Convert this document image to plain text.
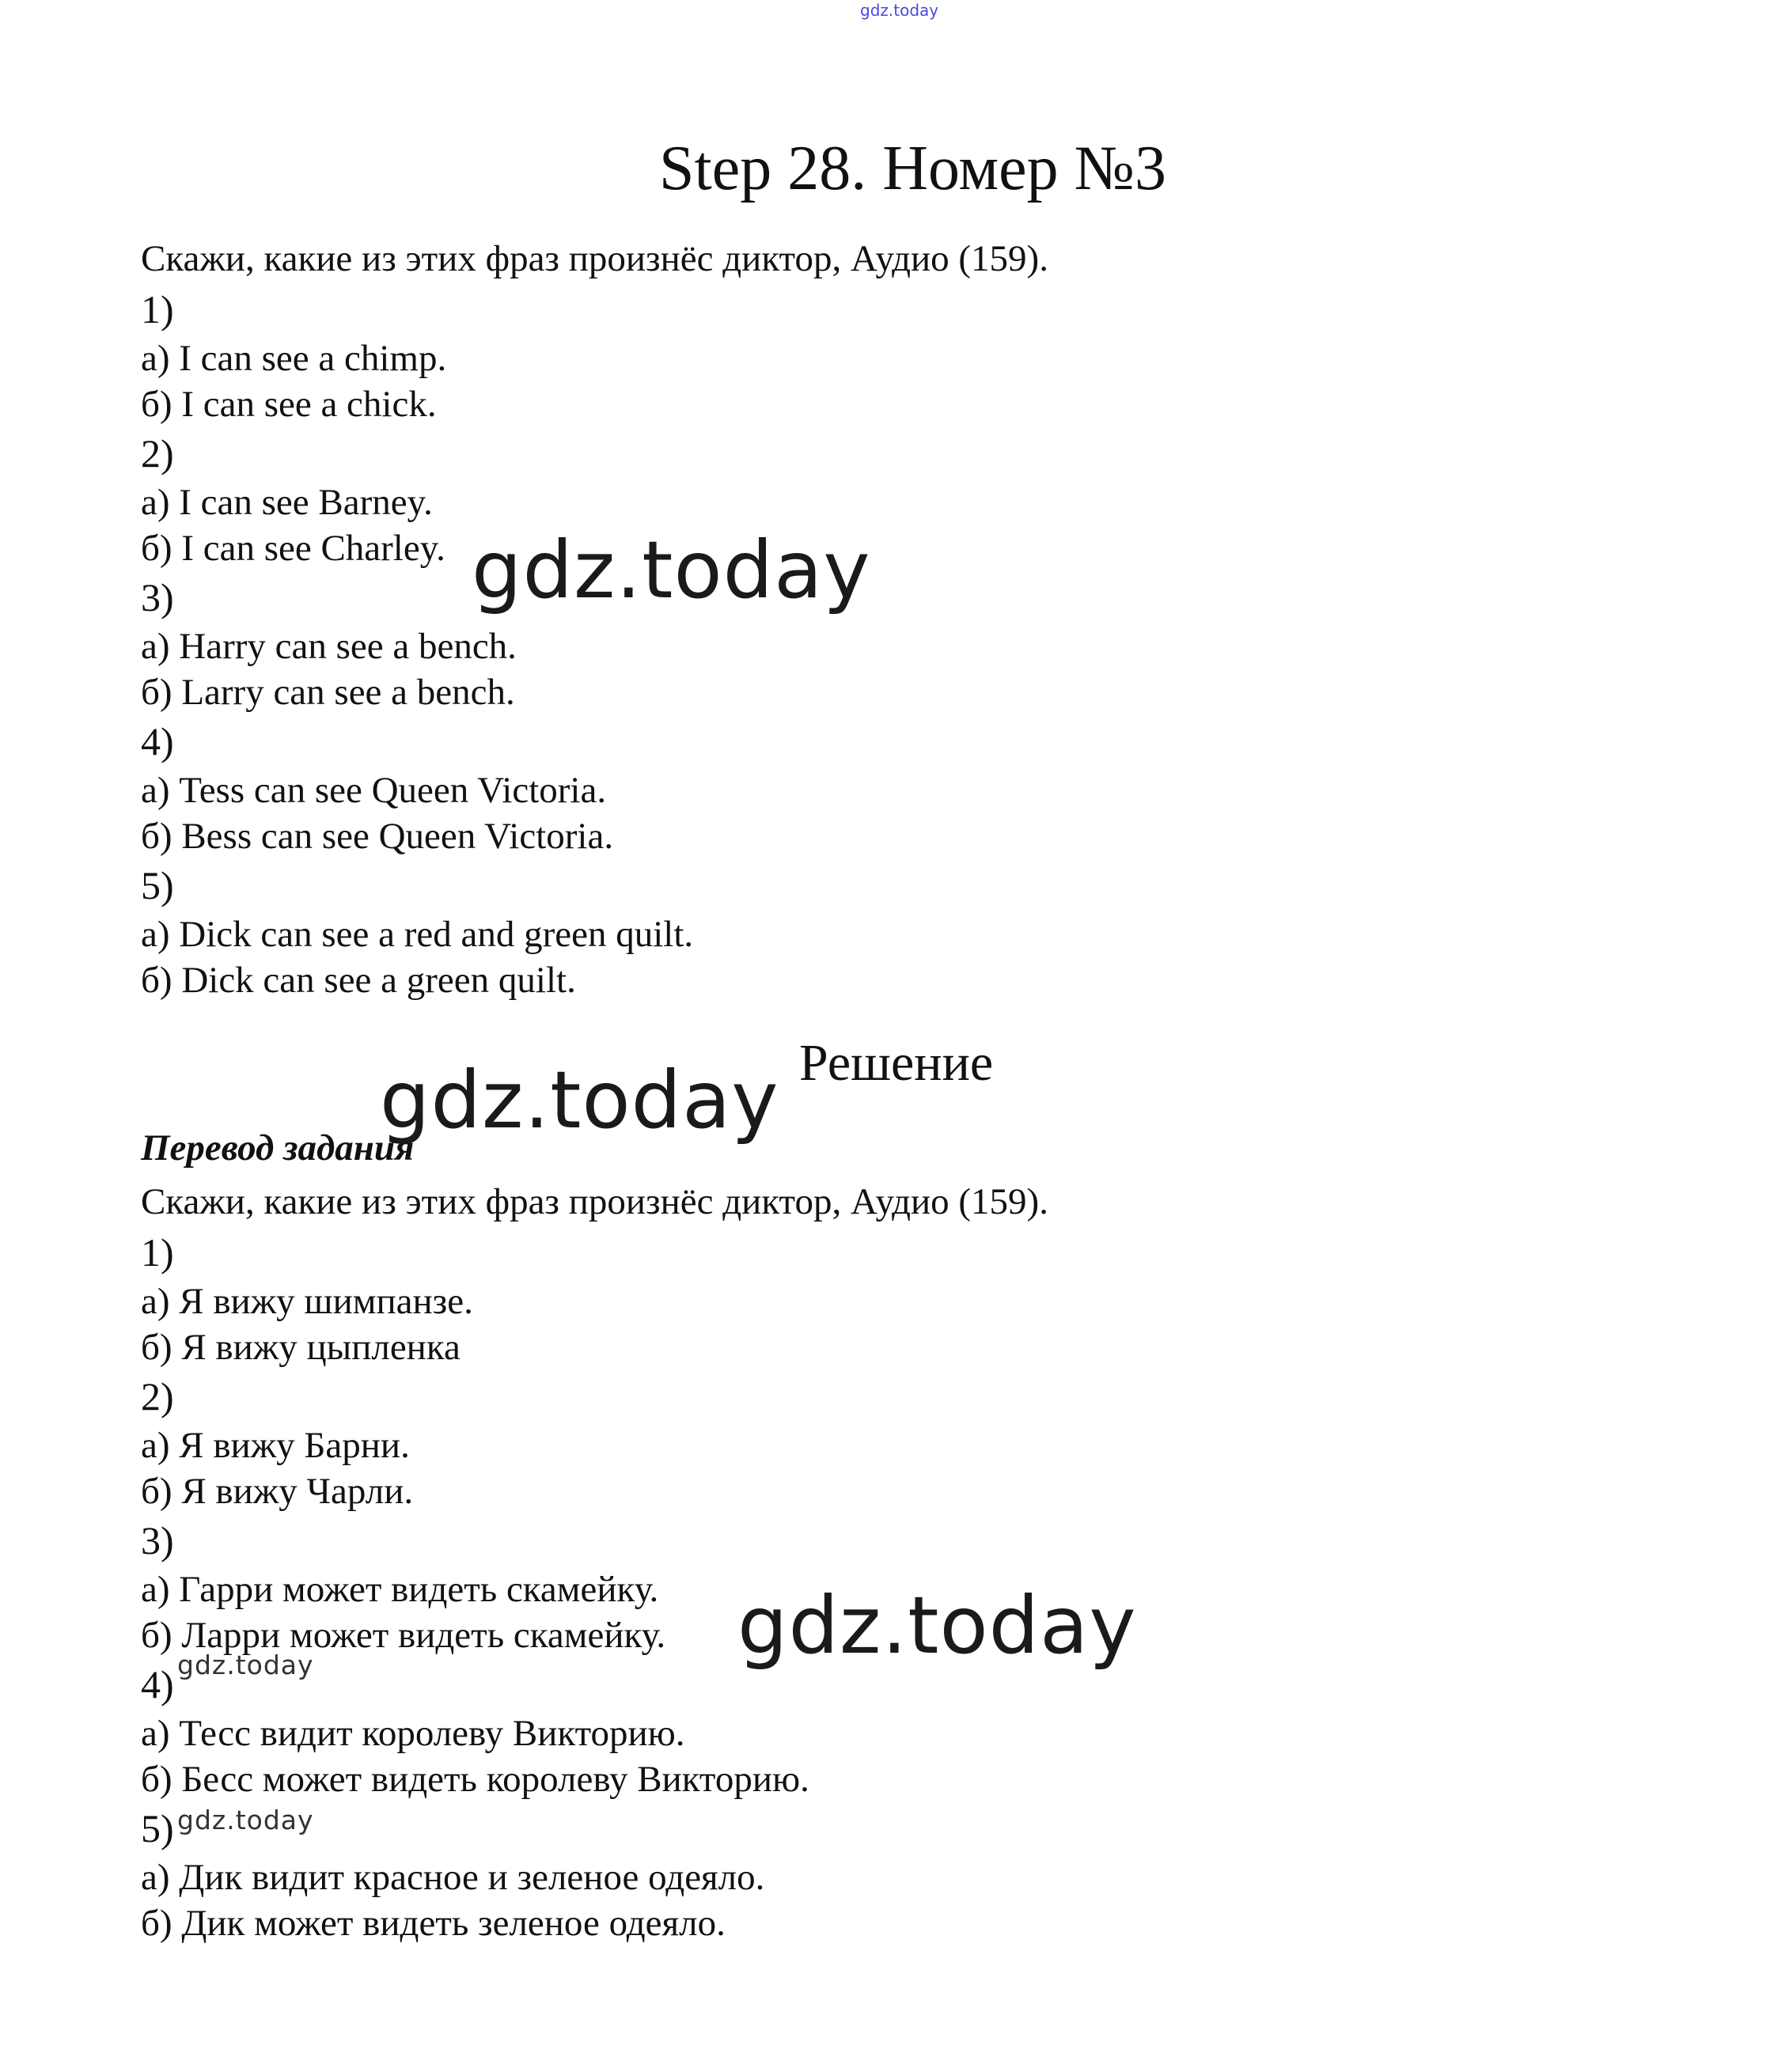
gdz.today
Step 28. Номер №3
Скажи, какие из этих фраз произнёс диктор, Аудио (159).
1)
а) I can see a chimp.
б) I can see a chick.
2)
а) I can see Barney.
б) I can see Charley.
3)
а) Harry can see a bench.
б) Larry can see a bench.
4)
а) Tess can see Queen Victoria.
б) Bess can see Queen Victoria.
5)
а) Dick can see a red and green quilt.
б) Dick can see a green quilt.
Решение
Перевод задания
Скажи, какие из этих фраз произнёс диктор, Аудио (159).
1)
а) Я вижу шимпанзе.
б) Я вижу цыпленка
2)
а) Я вижу Барни.
б) Я вижу Чарли.
3)
а) Гарри может видеть скамейку.
б) Ларри может видеть скамейку.
4)
а) Тесс видит королеву Викторию.
б) Бесс может видеть королеву Викторию.
5)
а) Дик видит красное и зеленое одеяло.
б) Дик может видеть зеленое одеяло.
gdz.today
gdz.today
gdz.today
gdz.today
gdz.today
